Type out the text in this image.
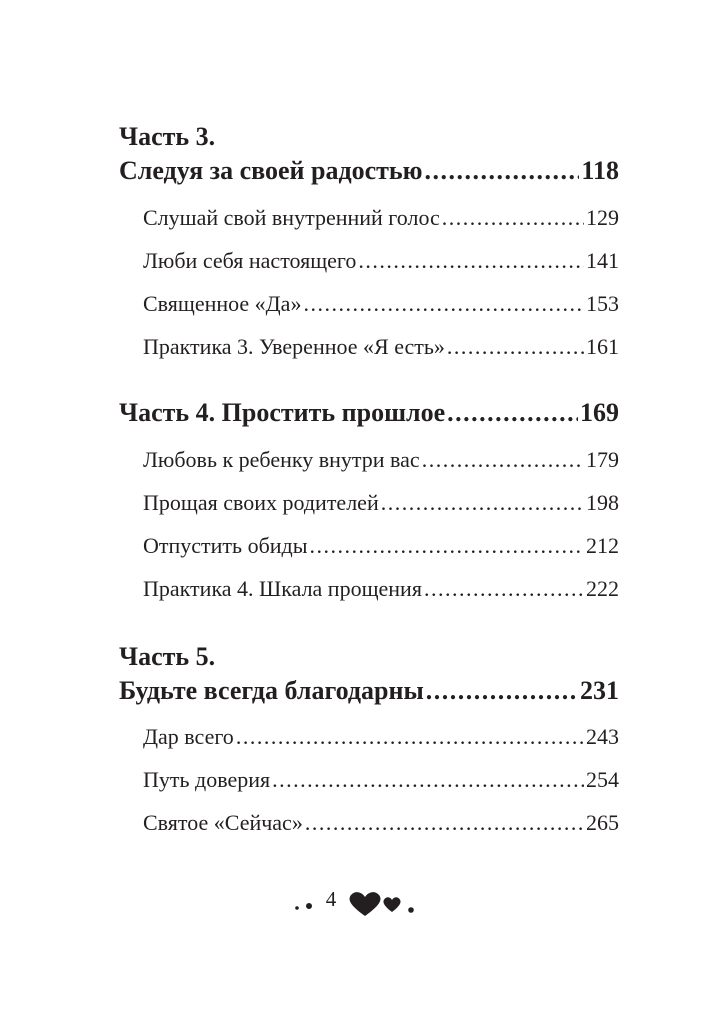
Часть 3.
Следуя за своей радостью .....	118
Слушай свой внутренний голос .....	129
Люби себя настоящего .....	141
Священное «Да» .....	153
Практика 3. Уверенное «Я есть» .....	161
Часть 4. Простить прошлое .....	169
Любовь к ребенку внутри вас .....	179
Прощая своих родителей .....	198
Отпустить обиды .....	212
Практика 4. Шкала прощения .....	222
Часть 5.
Будьте всегда благодарны .....	231
Дар всего .....	243
Путь доверия .....	254
Святое «Сейчас» .....	265
4
